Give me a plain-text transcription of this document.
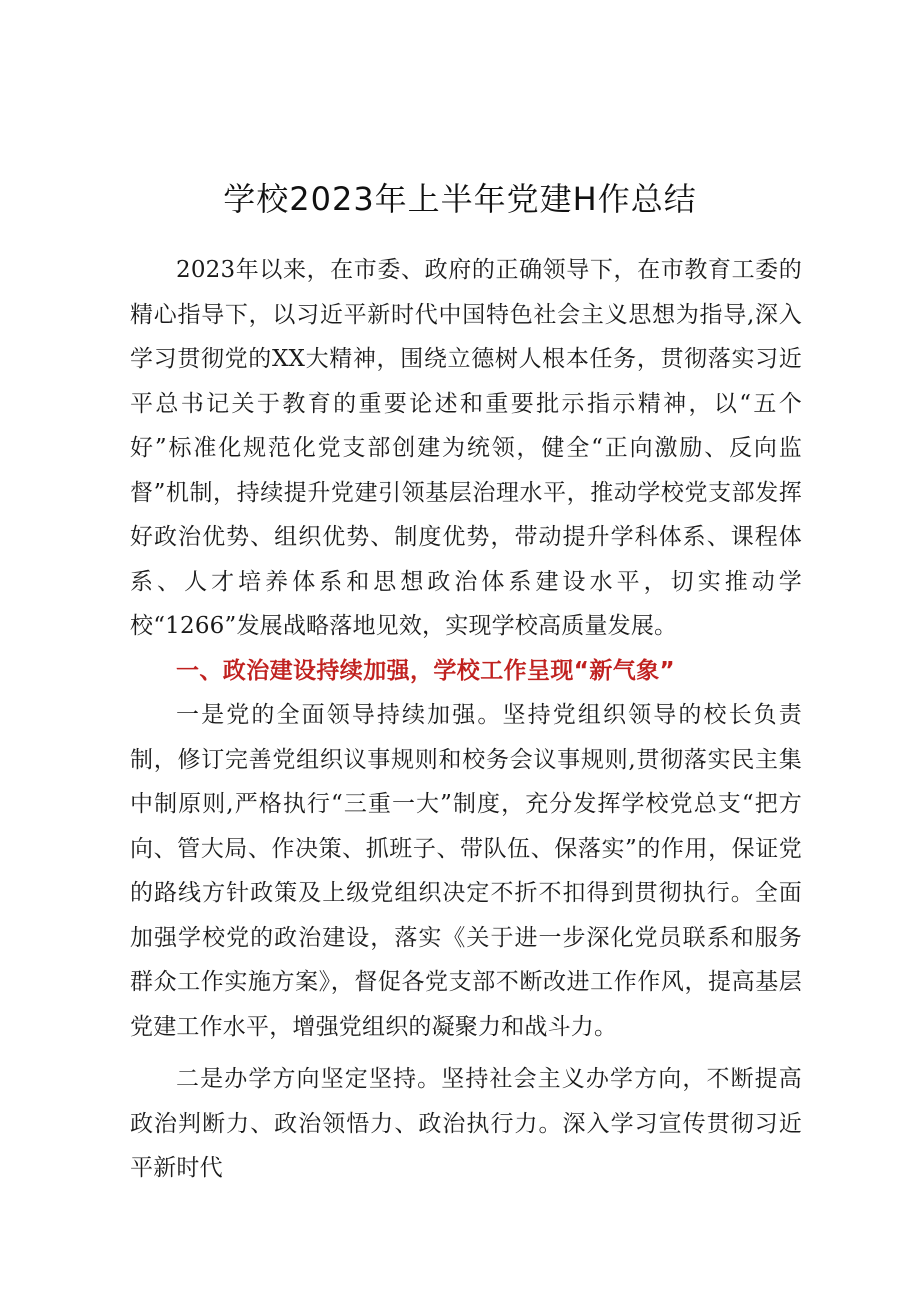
学校2023年上半年党建H作总结

2023年以来，在市委、政府的正确领导下，在市教育工委的精心指导下，以习近平新时代中国特色社会主义思想为指导,深入学习贯彻党的XX大精神，围绕立德树人根本任务，贯彻落实习近平总书记关于教育的重要论述和重要批示指示精神，以“五个好”标准化规范化党支部创建为统领，健全“正向激励、反向监督”机制，持续提升党建引领基层治理水平，推动学校党支部发挥好政治优势、组织优势、制度优势，带动提升学科体系、课程体系、人才培养体系和思想政治体系建设水平，切实推动学校“1266”发展战略落地见效，实现学校高质量发展。

一、政治建设持续加强，学校工作呈现“新气象”

一是党的全面领导持续加强。坚持党组织领导的校长负责制，修订完善党组织议事规则和校务会议事规则,贯彻落实民主集中制原则,严格执行“三重一大”制度，充分发挥学校党总支“把方向、管大局、作决策、抓班子、带队伍、保落实”的作用，保证党的路线方针政策及上级党组织决定不折不扣得到贯彻执行。全面加强学校党的政治建设，落实《关于进一步深化党员联系和服务群众工作实施方案》，督促各党支部不断改进工作作风，提高基层党建工作水平，增强党组织的凝聚力和战斗力。

二是办学方向坚定坚持。坚持社会主义办学方向，不断提高政治判断力、政治领悟力、政治执行力。深入学习宣传贯彻习近平新时代
